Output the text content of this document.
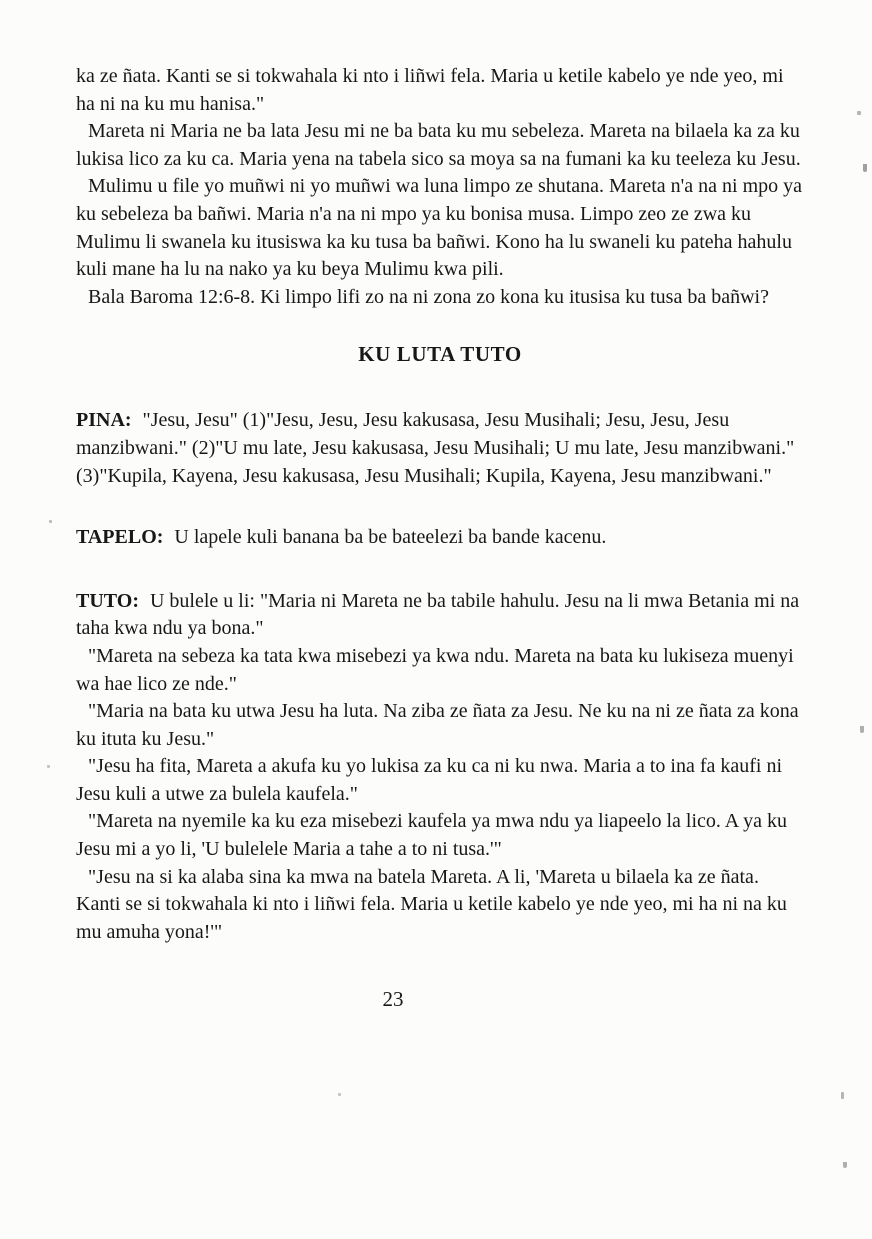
ka ze ñata. Kanti se si tokwahala ki nto i liñwi fela. Maria u ketile kabelo ye nde yeo, mi ha ni na ku mu hanisa."

Mareta ni Maria ne ba lata Jesu mi ne ba bata ku mu sebeleza. Mareta na bilaela ka za ku lukisa lico za ku ca. Maria yena na tabela sico sa moya sa na fumani ka ku teeleza ku Jesu.

Mulimu u file yo muñwi ni yo muñwi wa luna limpo ze shutana. Mareta n'a na ni mpo ya ku sebeleza ba bañwi. Maria n'a na ni mpo ya ku bonisa musa. Limpo zeo ze zwa ku Mulimu li swanela ku itusiswa ka ku tusa ba bañwi. Kono ha lu swaneli ku pateha hahulu kuli mane ha lu na nako ya ku beya Mulimu kwa pili.

Bala Baroma 12:6-8. Ki limpo lifi zo na ni zona zo kona ku itusisa ku tusa ba bañwi?

KU LUTA TUTO

PINA: "Jesu, Jesu" (1)"Jesu, Jesu, Jesu kakusasa, Jesu Musihali; Jesu, Jesu, Jesu manzibwani." (2)"U mu late, Jesu kakusasa, Jesu Musihali; U mu late, Jesu manzibwani." (3)"Kupila, Kayena, Jesu kakusasa, Jesu Musihali; Kupila, Kayena, Jesu manzibwani."

TAPELO: U lapele kuli banana ba be bateelezi ba bande kacenu.

TUTO: U bulele u li: "Maria ni Mareta ne ba tabile hahulu. Jesu na li mwa Betania mi na taha kwa ndu ya bona."

"Mareta na sebeza ka tata kwa misebezi ya kwa ndu. Mareta na bata ku lukiseza muenyi wa hae lico ze nde."

"Maria na bata ku utwa Jesu ha luta. Na ziba ze ñata za Jesu. Ne ku na ni ze ñata za kona ku ituta ku Jesu."

"Jesu ha fita, Mareta a akufa ku yo lukisa za ku ca ni ku nwa. Maria a to ina fa kaufi ni Jesu kuli a utwe za bulela kaufela."

"Mareta na nyemile ka ku eza misebezi kaufela ya mwa ndu ya liapeelo la lico. A ya ku Jesu mi a yo li, 'U bulelele Maria a tahe a to ni tusa.'"

"Jesu na si ka alaba sina ka mwa na batela Mareta. A li, 'Mareta u bilaela ka ze ñata. Kanti se si tokwahala ki nto i liñwi fela. Maria u ketile kabelo ye nde yeo, mi ha ni na ku mu amuha yona!'"

23
